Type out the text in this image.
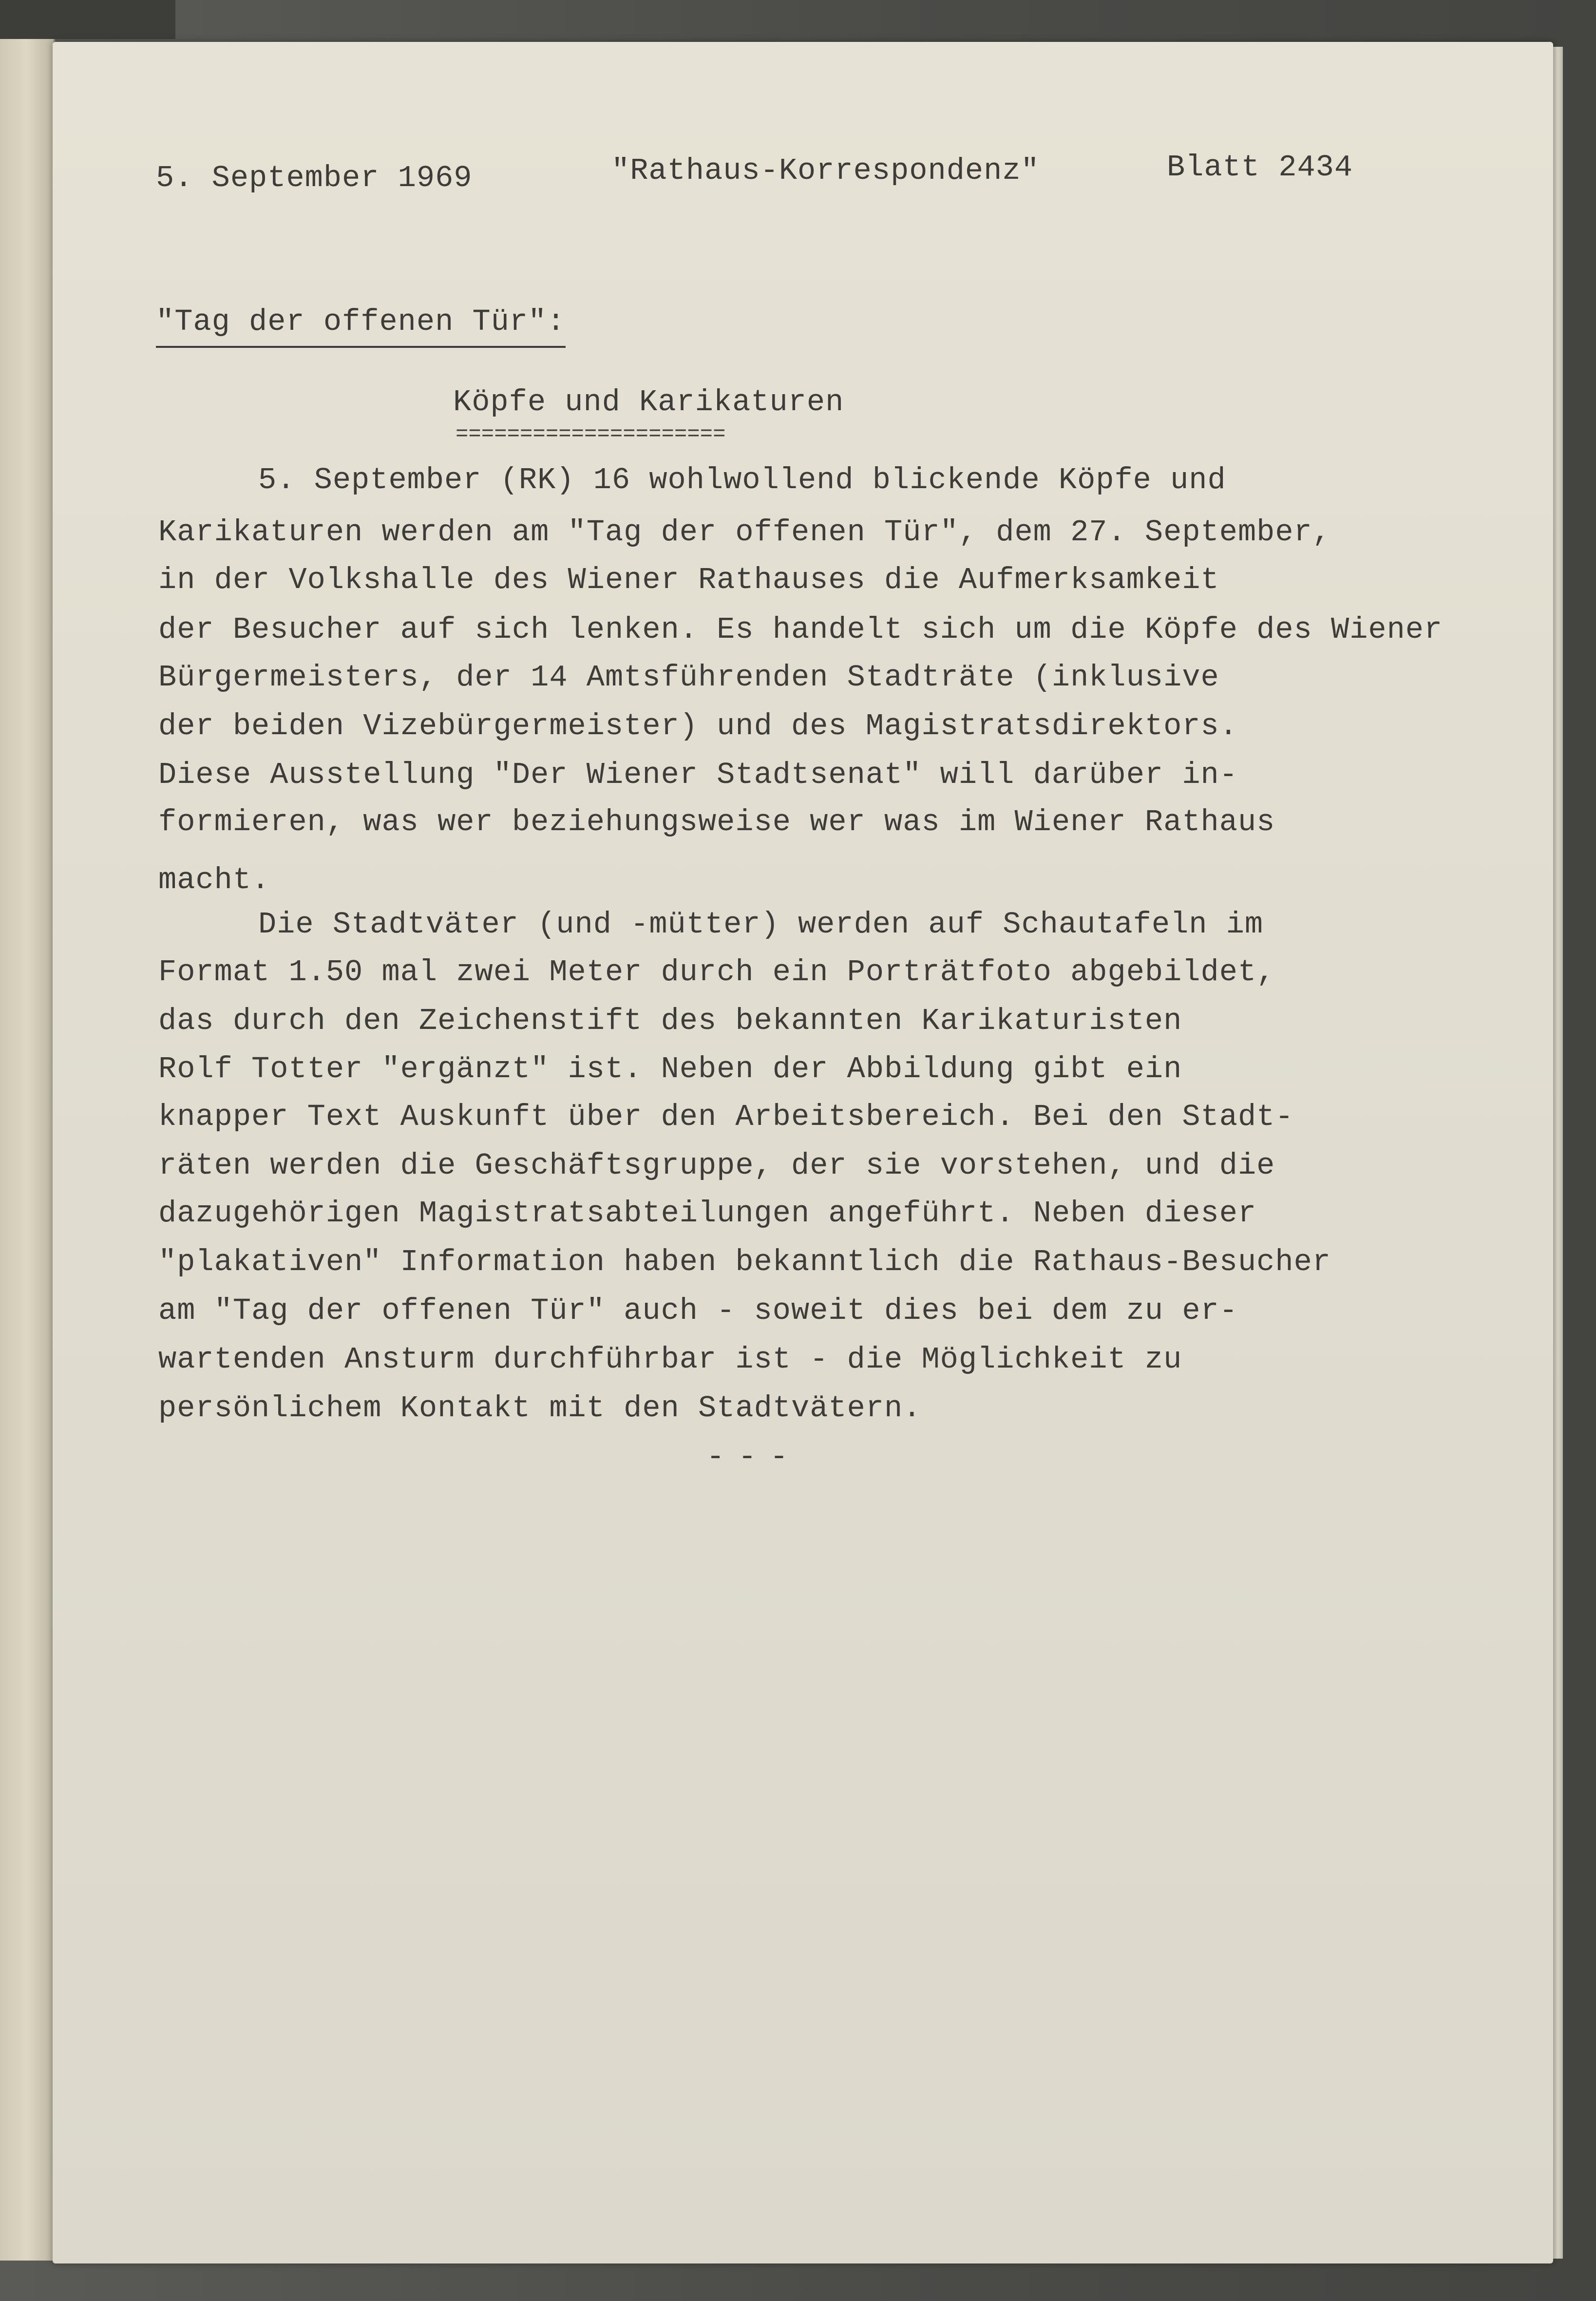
5. September 1969	"Rathaus-Korrespondenz"	Blatt 2434
"Tag der offenen Tür":
Köpfe und Karikaturen
=====================
5. September (RK) 16 wohlwollend blickende Köpfe und
Karikaturen werden am "Tag der offenen Tür", dem 27. September,
in der Volkshalle des Wiener Rathauses die Aufmerksamkeit
der Besucher auf sich lenken. Es handelt sich um die Köpfe des Wiener
Bürgermeisters, der 14 Amtsführenden Stadträte (inklusive
der beiden Vizebürgermeister) und des Magistratsdirektors.
Diese Ausstellung "Der Wiener Stadtsenat" will darüber in-
formieren, was wer beziehungsweise wer was im Wiener Rathaus
macht.
Die Stadtväter (und -mütter) werden auf Schautafeln im
Format 1.50 mal zwei Meter durch ein Porträtfoto abgebildet,
das durch den Zeichenstift des bekannten Karikaturisten
Rolf Totter "ergänzt" ist. Neben der Abbildung gibt ein
knapper Text Auskunft über den Arbeitsbereich. Bei den Stadt-
räten werden die Geschäftsgruppe, der sie vorstehen, und die
dazugehörigen Magistratsabteilungen angeführt. Neben dieser
"plakativen" Information haben bekanntlich die Rathaus-Besucher
am "Tag der offenen Tür" auch - soweit dies bei dem zu er-
wartenden Ansturm durchführbar ist - die Möglichkeit zu
persönlichem Kontakt mit den Stadtvätern.
---
